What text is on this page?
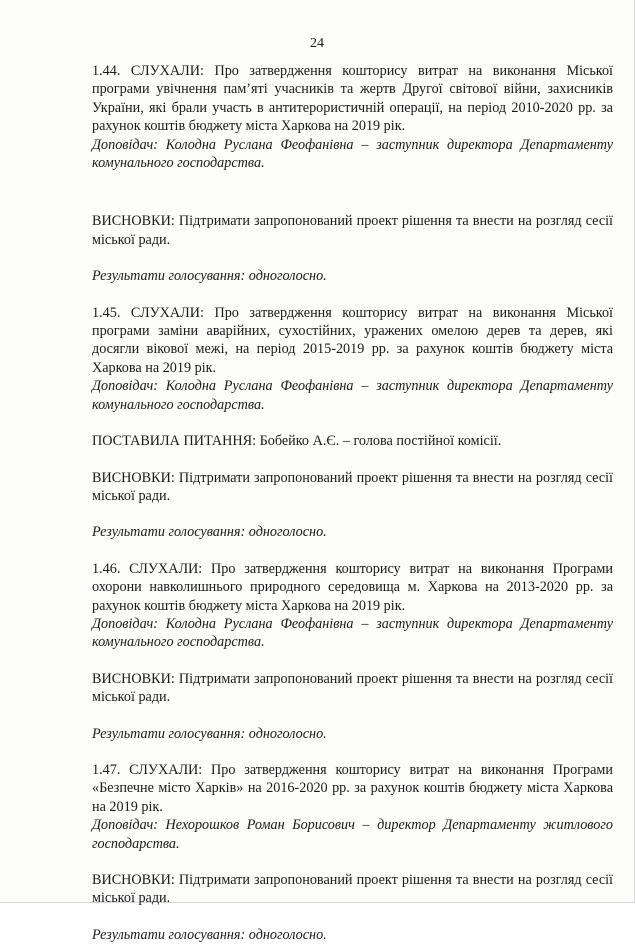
24

1.44. СЛУХАЛИ: Про затвердження кошторису витрат на виконання Міської програми увічнення пам’яті учасників та жертв Другої світової війни, захисників України, які брали участь в антитерористичній операції, на період 2010-2020 рр. за рахунок коштів бюджету міста Харкова на 2019 рік.

Доповідач: Колодна Руслана Феофанівна – заступник директора Департаменту комунального господарства.

ВИСНОВКИ: Підтримати запропонований проект рішення та внести на розгляд сесії міської ради.

Результати голосування: одноголосно.

1.45. СЛУХАЛИ: Про затвердження кошторису витрат на виконання Міської програми заміни аварійних, сухостійних, уражених омелою дерев та дерев, які досягли вікової межі, на період 2015-2019 рр. за рахунок коштів бюджету міста Харкова на 2019 рік.

Доповідач: Колодна Руслана Феофанівна – заступник директора Департаменту комунального господарства.

ПОСТАВИЛА ПИТАННЯ: Бобейко А.Є. – голова постійної комісії.

ВИСНОВКИ: Підтримати запропонований проект рішення та внести на розгляд сесії міської ради.

Результати голосування: одноголосно.

1.46. СЛУХАЛИ: Про затвердження кошторису витрат на виконання Програми охорони навколишнього природного середовища м. Харкова на 2013-2020 рр. за рахунок коштів бюджету міста Харкова на 2019 рік.

Доповідач: Колодна Руслана Феофанівна – заступник директора Департаменту комунального господарства.

ВИСНОВКИ: Підтримати запропонований проект рішення та внести на розгляд сесії міської ради.

Результати голосування: одноголосно.

1.47. СЛУХАЛИ: Про затвердження кошторису витрат на виконання Програми «Безпечне місто Харків» на 2016-2020 рр. за рахунок коштів бюджету міста Харкова на 2019 рік.

Доповідач: Нехорошков Роман Борисович – директор Департаменту житлового господарства.

ВИСНОВКИ: Підтримати запропонований проект рішення та внести на розгляд сесії міської ради.

Результати голосування: одноголосно.
